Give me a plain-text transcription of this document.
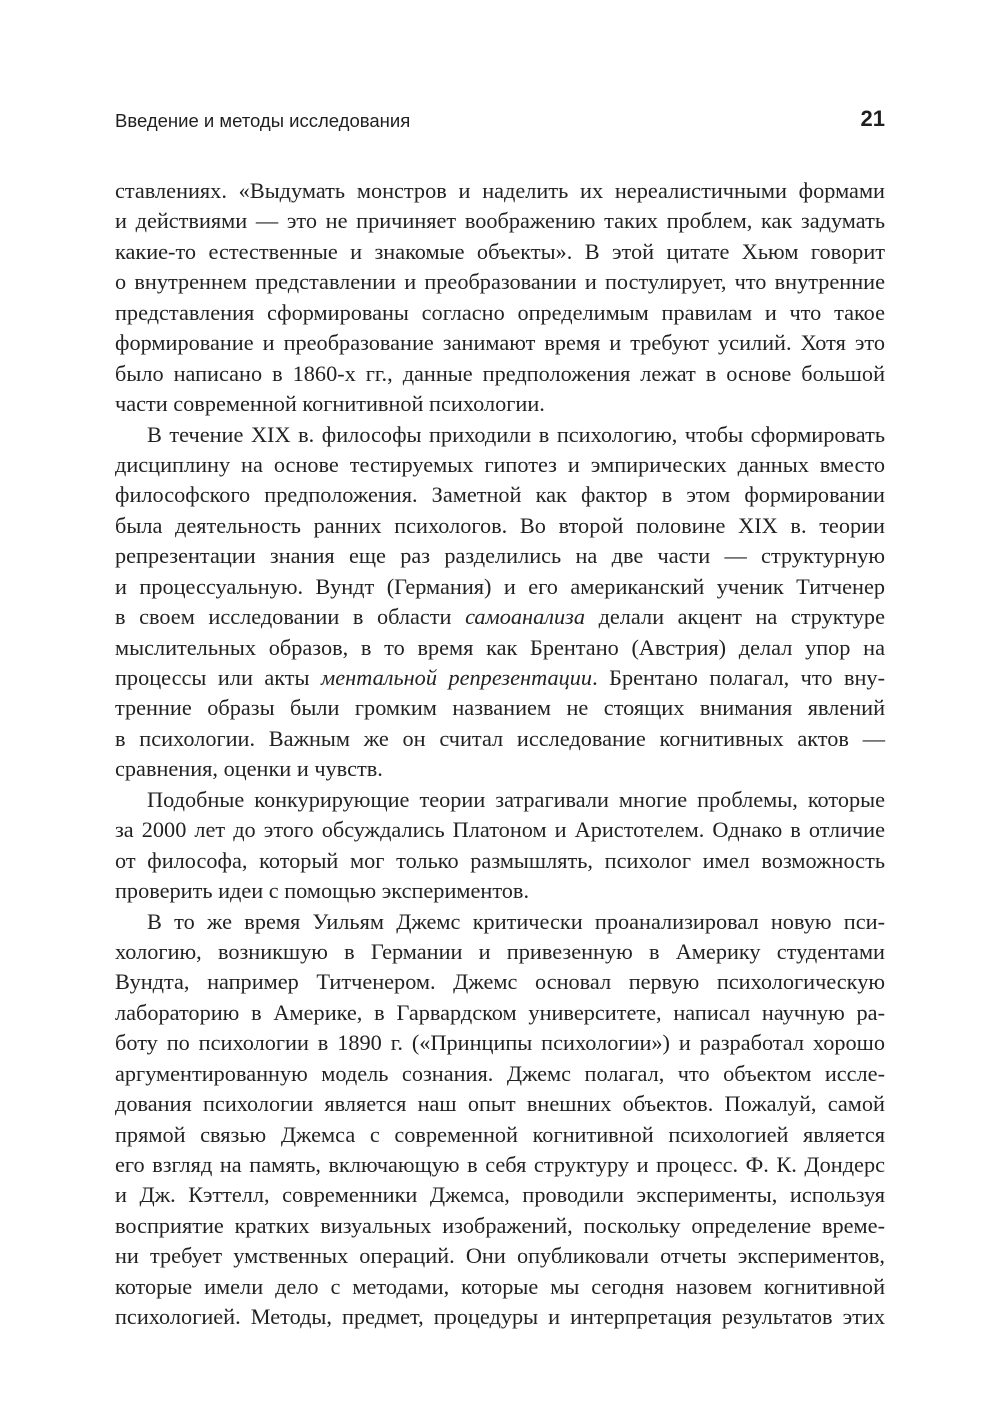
Введение и методы исследования	21
ставлениях. «Выдумать монстров и наделить их нереалистичными формами
и действиями — это не причиняет воображению таких проблем, как задумать
какие-то естественные и знакомые объекты». В этой цитате Хьюм говорит
о внутреннем представлении и преобразовании и постулирует, что внутренние
представления сформированы согласно определимым правилам и что такое
формирование и преобразование занимают время и требуют усилий. Хотя это
было написано в 1860-х гг., данные предположения лежат в основе большой
части современной когнитивной психологии.
В течение XIX в. философы приходили в психологию, чтобы сформировать
дисциплину на основе тестируемых гипотез и эмпирических данных вместо
философского предположения. Заметной как фактор в этом формировании
была деятельность ранних психологов. Во второй половине XIX в. теории
репрезентации знания еще раз разделились на две части — структурную
и процессуальную. Вундт (Германия) и его американский ученик Титченер
в своем исследовании в области самоанализа делали акцент на структуре
мыслительных образов, в то время как Брентано (Австрия) делал упор на
процессы или акты ментальной репрезентации. Брентано полагал, что вну-
тренние образы были громким названием не стоящих внимания явлений
в психологии. Важным же он считал исследование когнитивных актов —
сравнения, оценки и чувств.
Подобные конкурирующие теории затрагивали многие проблемы, которые
за 2000 лет до этого обсуждались Платоном и Аристотелем. Однако в отличие
от философа, который мог только размышлять, психолог имел возможность
проверить идеи с помощью экспериментов.
В то же время Уильям Джемс критически проанализировал новую пси-
хологию, возникшую в Германии и привезенную в Америку студентами
Вундта, например Титченером. Джемс основал первую психологическую
лабораторию в Америке, в Гарвардском университете, написал научную ра-
боту по психологии в 1890 г. («Принципы психологии») и разработал хорошо
аргументированную модель сознания. Джемс полагал, что объектом иссле-
дования психологии является наш опыт внешних объектов. Пожалуй, самой
прямой связью Джемса с современной когнитивной психологией является
его взгляд на память, включающую в себя структуру и процесс. Ф. К. Дондерс
и Дж. Кэттелл, современники Джемса, проводили эксперименты, используя
восприятие кратких визуальных изображений, поскольку определение време-
ни требует умственных операций. Они опубликовали отчеты экспериментов,
которые имели дело с методами, которые мы сегодня назовем когнитивной
психологией. Методы, предмет, процедуры и интерпретация результатов этих
